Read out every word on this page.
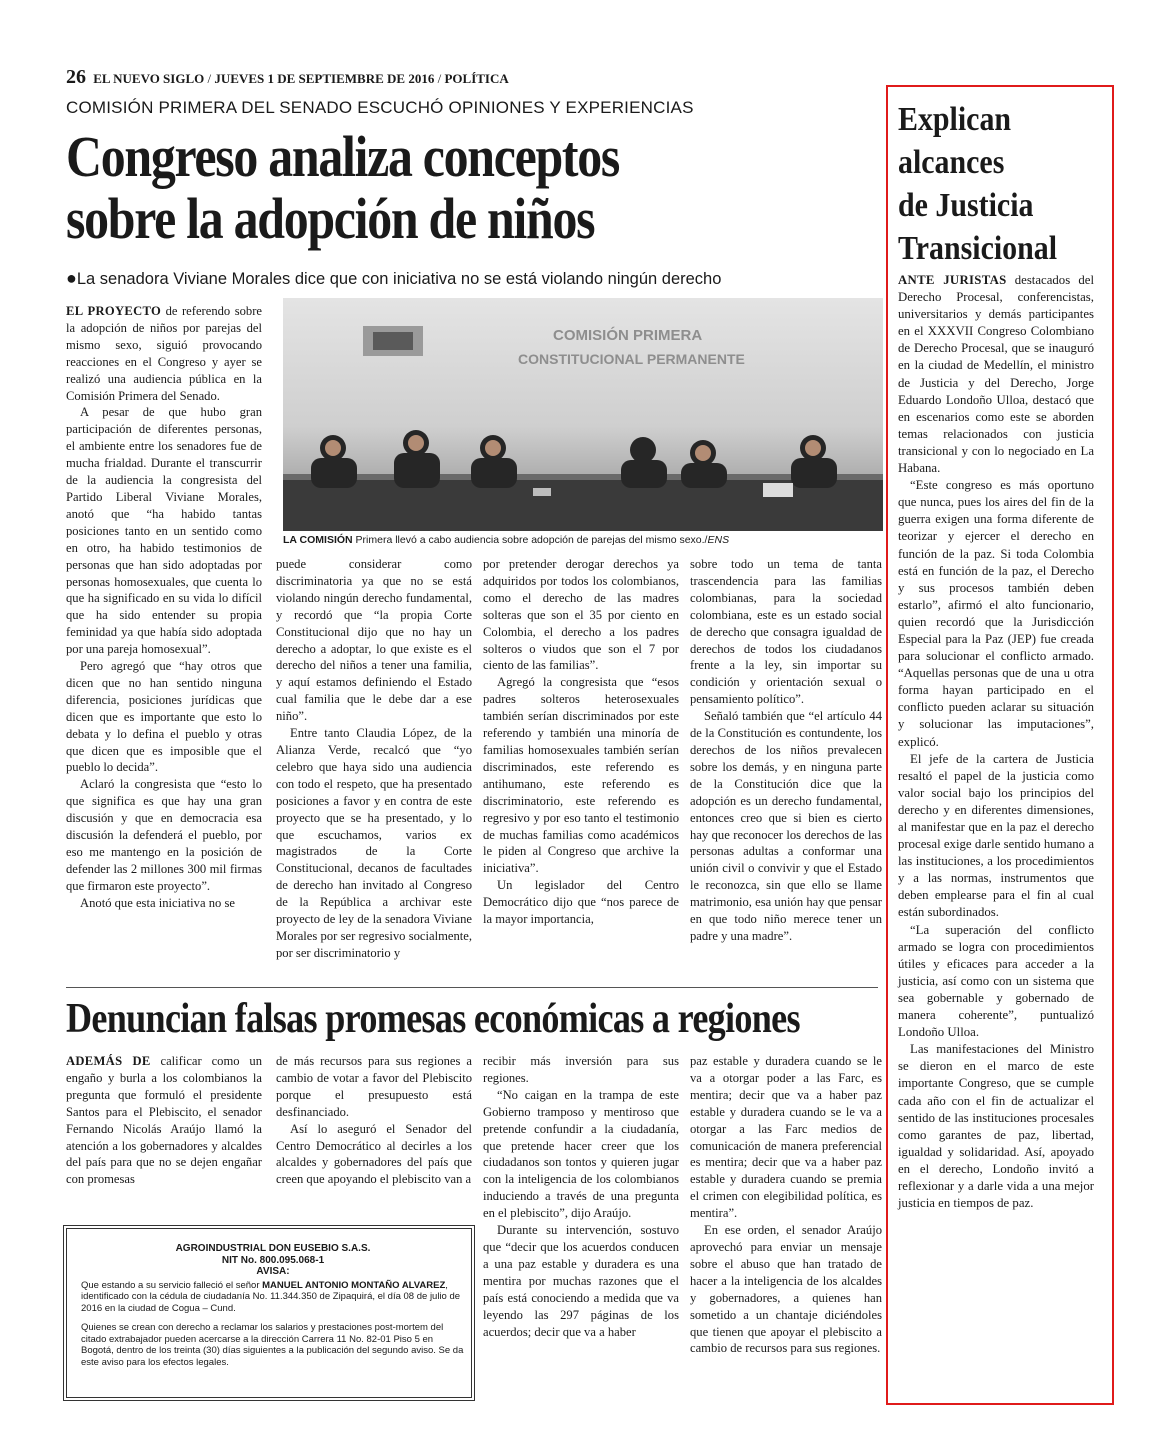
26 EL NUEVO SIGLO / JUEVES 1 DE SEPTIEMBRE DE 2016 / POLÍTICA
COMISIÓN PRIMERA DEL SENADO ESCUCHÓ OPINIONES Y EXPERIENCIAS
Congreso analiza conceptos
sobre la adopción de niños
●La senadora Viviane Morales dice que con iniciativa no se está violando ningún derecho

EL PROYECTO de referendo sobre la adopción de niños por parejas del mismo sexo, siguió provocando reacciones en el Congreso y ayer se realizó una audiencia pública en la Comisión Primera del Senado.

A pesar de que hubo gran participación de diferentes personas, el ambiente entre los senadores fue de mucha frialdad. Durante el transcurrir de la audiencia la congresista del Partido Liberal Viviane Morales, anotó que “ha habido tantas posiciones tanto en un sentido como en otro, ha habido testimonios de personas que han sido adoptadas por personas homosexuales, que cuenta lo que ha significado en su vida lo difícil que ha sido entender su propia feminidad ya que había sido adoptada por una pareja homosexual”.

Pero agregó que “hay otros que dicen que no han sentido ninguna diferencia, posiciones jurídicas que dicen que es importante que esto lo debata y lo defina el pueblo y otras que dicen que es imposible que el pueblo lo decida”.

Aclaró la congresista que “esto lo que significa es que hay una gran discusión y que en democracia esa discusión la defenderá el pueblo, por eso me mantengo en la posición de defender las 2 millones 300 mil firmas que firmaron este proyecto”.

Anotó que esta iniciativa no se

COMISIÓN PRIMERA
CONSTITUCIONAL PERMANENTE
LA COMISIÓN Primera llevó a cabo audiencia sobre adopción de parejas del mismo sexo./ENS

puede considerar como discriminatoria ya que no se está violando ningún derecho fundamental, y recordó que “la propia Corte Constitucional dijo que no hay un derecho a adoptar, lo que existe es el derecho del niños a tener una familia, y aquí estamos definiendo el Estado cual familia que le debe dar a ese niño”.

Entre tanto Claudia López, de la Alianza Verde, recalcó que “yo celebro que haya sido una audiencia con todo el respeto, que ha presentado posiciones a favor y en contra de este proyecto que se ha presentado, y lo que escuchamos, varios ex magistrados de la Corte Constitucional, decanos de facultades de derecho han invitado al Congreso de la República a archivar este proyecto de ley de la senadora Viviane Morales por ser regresivo socialmente, por ser discriminatorio y

por pretender derogar derechos ya adquiridos por todos los colombianos, como el derecho de las madres solteras que son el 35 por ciento en Colombia, el derecho a los padres solteros o viudos que son el 7 por ciento de las familias”.

Agregó la congresista que “esos padres solteros heterosexuales también serían discriminados por este referendo y también una minoría de familias homosexuales también serían discriminados, este referendo es antihumano, este referendo es discriminatorio, este referendo es regresivo y por eso tanto el testimonio de muchas familias como académicos le piden al Congreso que archive la iniciativa”.

Un legislador del Centro Democrático dijo que “nos parece de la mayor importancia,

sobre todo un tema de tanta trascendencia para las familias colombianas, para la sociedad colombiana, este es un estado social de derecho que consagra igualdad de derechos de todos los ciudadanos frente a la ley, sin importar su condición y orientación sexual o pensamiento político”.

Señaló también que “el artículo 44 de la Constitución es contundente, los derechos de los niños prevalecen sobre los demás, y en ninguna parte de la Constitución dice que la adopción es un derecho fundamental, entonces creo que si bien es cierto hay que reconocer los derechos de las personas adultas a conformar una unión civil o convivir y que el Estado le reconozca, sin que ello se llame matrimonio, esa unión hay que pensar en que todo niño merece tener un padre y una madre”.

Denuncian falsas promesas económicas a regiones

ADEMÁS DE calificar como un engaño y burla a los colombianos la pregunta que formuló el presidente Santos para el Plebiscito, el senador Fernando Nicolás Araújo llamó la atención a los gobernadores y alcaldes del país para que no se dejen engañar con promesas

de más recursos para sus regiones a cambio de votar a favor del Plebiscito porque el presupuesto está desfinanciado.

Así lo aseguró el Senador del Centro Democrático al decirles a los alcaldes y gobernadores del país que creen que apoyando el plebiscito van a

recibir más inversión para sus regiones.

“No caigan en la trampa de este Gobierno tramposo y mentiroso que pretende confundir a la ciudadanía, que pretende hacer creer que los ciudadanos son tontos y quieren jugar con la inteligencia de los colombianos induciendo a través de una pregunta en el plebiscito”, dijo Araújo.

Durante su intervención, sostuvo que “decir que los acuerdos conducen a una paz estable y duradera es una mentira por muchas razones que el país está conociendo a medida que va leyendo las 297 páginas de los acuerdos; decir que va a haber

paz estable y duradera cuando se le va a otorgar poder a las Farc, es mentira; decir que va a haber paz estable y duradera cuando se le va a otorgar a las Farc medios de comunicación de manera preferencial es mentira; decir que va a haber paz estable y duradera cuando se premia el crimen con elegibilidad política, es mentira”.

En ese orden, el senador Araújo aprovechó para enviar un mensaje sobre el abuso que han tratado de hacer a la inteligencia de los alcaldes y gobernadores, a quienes han sometido a un chantaje diciéndoles que tienen que apoyar el plebiscito a cambio de recursos para sus regiones.

AGROINDUSTRIAL DON EUSEBIO S.A.S.
NIT No. 800.095.068-1
AVISA:

Que estando a su servicio falleció el señor MANUEL ANTONIO MONTAÑO ALVAREZ, identificado con la cédula de ciudadanía No. 11.344.350 de Zipaquirá, el día 08 de julio de 2016 en la ciudad de Cogua – Cund.

Quienes se crean con derecho a reclamar los salarios y prestaciones post-mortem del citado extrabajador pueden acercarse a la dirección Carrera 11 No. 82-01 Piso 5 en Bogotá, dentro de los treinta (30) días siguientes a la publicación del segundo aviso. Se da este aviso para los efectos legales.

Explican
alcances
de Justicia
Transicional

ANTE JURISTAS destacados del Derecho Procesal, conferencistas, universitarios y demás participantes en el XXXVII Congreso Colombiano de Derecho Procesal, que se inauguró en la ciudad de Medellín, el ministro de Justicia y del Derecho, Jorge Eduardo Londoño Ulloa, destacó que en escenarios como este se aborden temas relacionados con justicia transicional y con lo negociado en La Habana.

“Este congreso es más oportuno que nunca, pues los aires del fin de la guerra exigen una forma diferente de teorizar y ejercer el derecho en función de la paz. Si toda Colombia está en función de la paz, el Derecho y sus procesos también deben estarlo”, afirmó el alto funcionario, quien recordó que la Jurisdicción Especial para la Paz (JEP) fue creada para solucionar el conflicto armado. “Aquellas personas que de una u otra forma hayan participado en el conflicto pueden aclarar su situación y solucionar las imputaciones”, explicó.

El jefe de la cartera de Justicia resaltó el papel de la justicia como valor social bajo los principios del derecho y en diferentes dimensiones, al manifestar que en la paz el derecho procesal exige darle sentido humano a las instituciones, a los procedimientos y a las normas, instrumentos que deben emplearse para el fin al cual están subordinados.

“La superación del conflicto armado se logra con procedimientos útiles y eficaces para acceder a la justicia, así como con un sistema que sea gobernable y gobernado de manera coherente”, puntualizó Londoño Ulloa.

Las manifestaciones del Ministro se dieron en el marco de este importante Congreso, que se cumple cada año con el fin de actualizar el sentido de las instituciones procesales como garantes de paz, libertad, igualdad y solidaridad. Así, apoyado en el derecho, Londoño invitó a reflexionar y a darle vida a una mejor justicia en tiempos de paz.
